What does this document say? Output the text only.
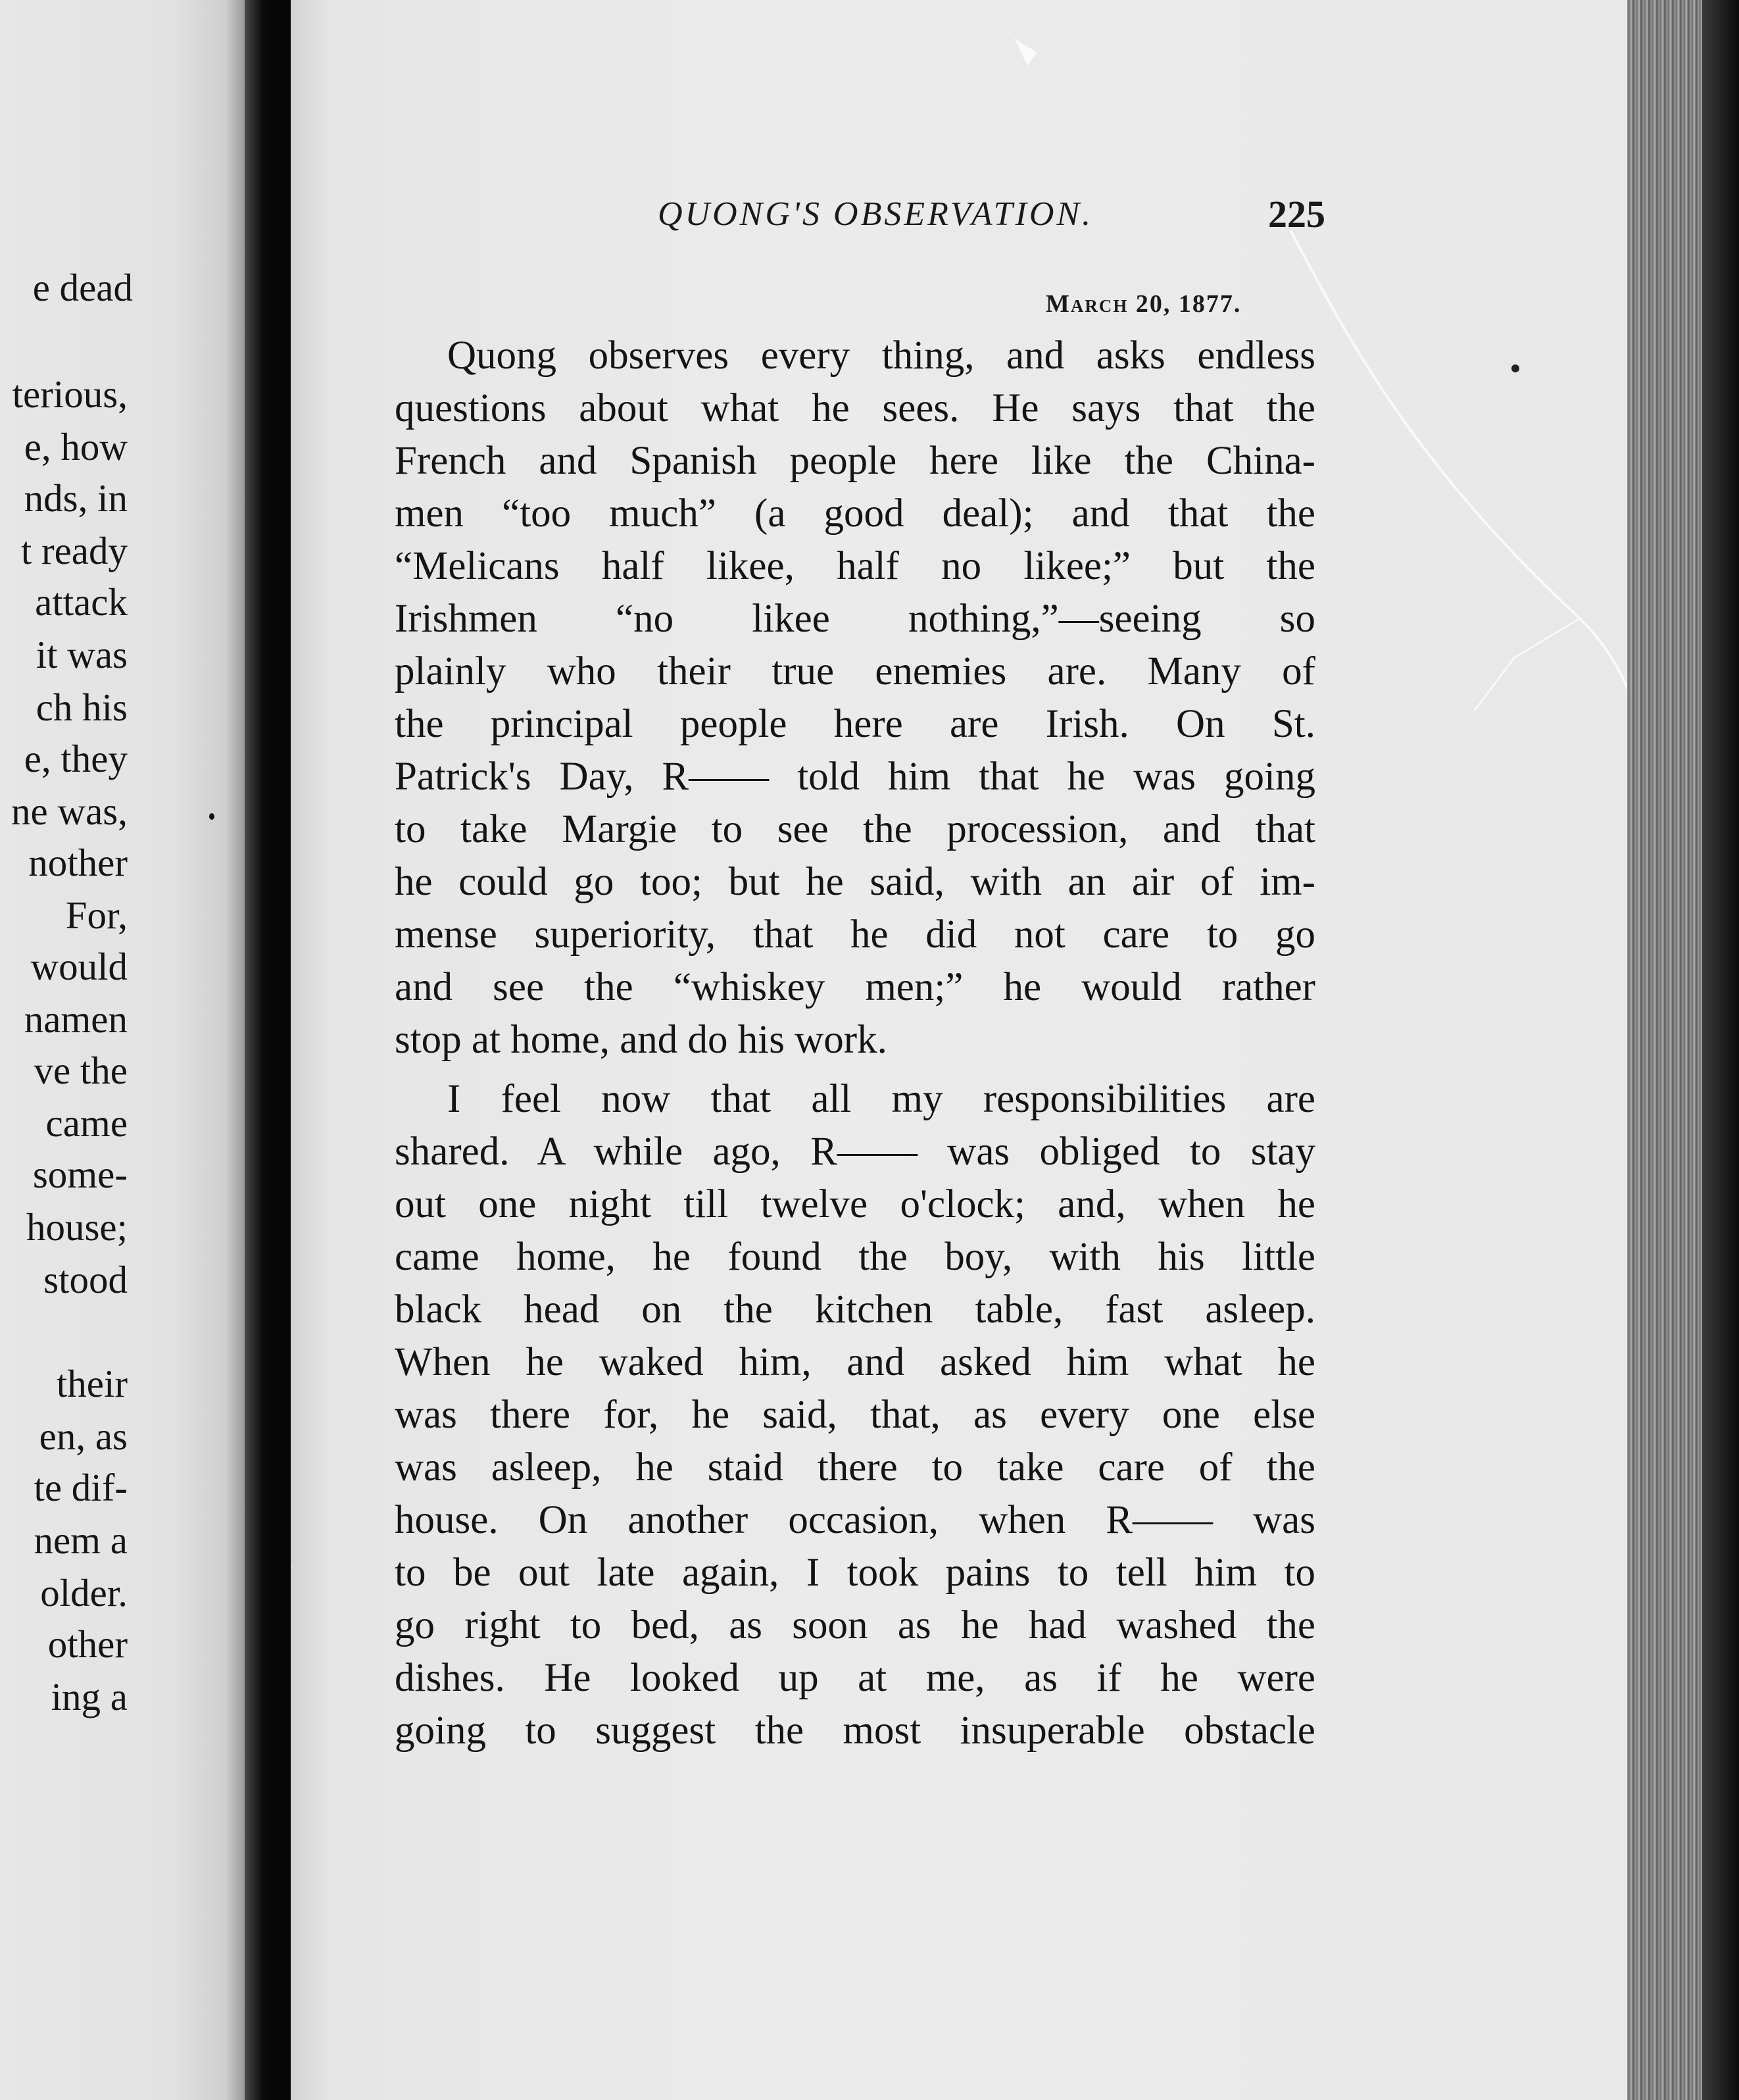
e dead
terious,
e, how
nds, in
t ready
attack
it was
ch his
e, they
ne was,
nother
For,
would
namen
ve the
came
some-
house;
stood
their
en, as
te dif-
nem a
older.
other
ing a
QUONG'S OBSERVATION.	225
March 20, 1877.
Quong observes every thing, and asks endless
questions about what he sees. He says that the
French and Spanish people here like the China-
men “too much” (a good deal); and that the
“Melicans half likee, half no likee;” but the
Irishmen “no likee nothing,”—seeing so
plainly who their true enemies are. Many of
the principal people here are Irish. On St.
Patrick's Day, R—— told him that he was going
to take Margie to see the procession, and that
he could go too; but he said, with an air of im-
mense superiority, that he did not care to go
and see the “whiskey men;” he would rather
stop at home, and do his work.
I feel now that all my responsibilities are
shared. A while ago, R—— was obliged to stay
out one night till twelve o'clock; and, when he
came home, he found the boy, with his little
black head on the kitchen table, fast asleep.
When he waked him, and asked him what he
was there for, he said, that, as every one else
was asleep, he staid there to take care of the
house. On another occasion, when R—— was
to be out late again, I took pains to tell him to
go right to bed, as soon as he had washed the
dishes. He looked up at me, as if he were
going to suggest the most insuperable obstacle
